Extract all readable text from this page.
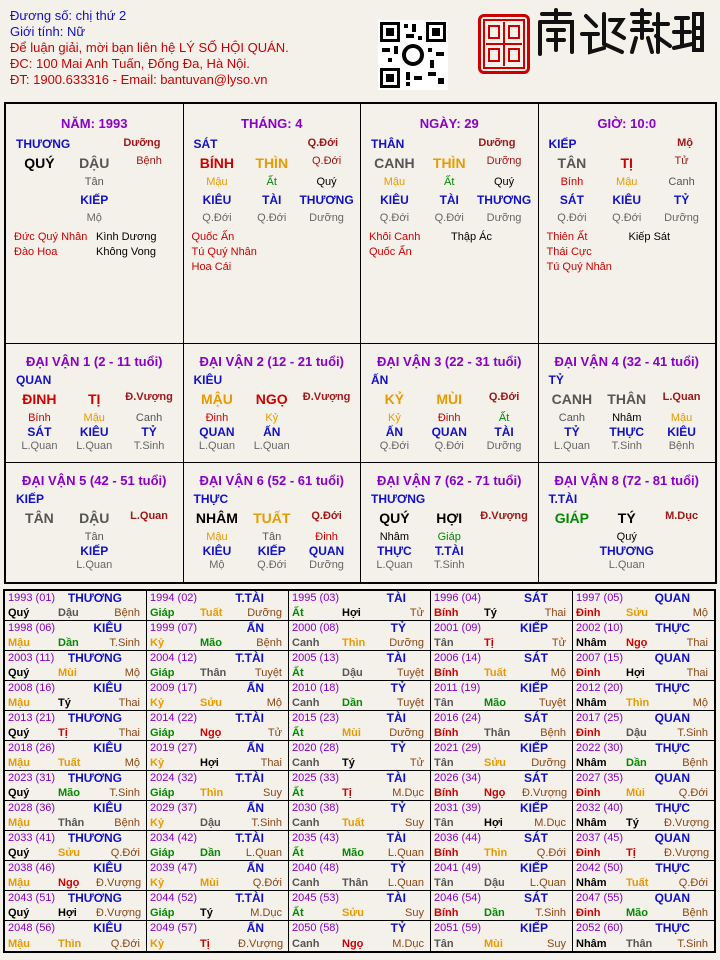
Đương số: chị thứ 2
Giới tính: Nữ
Để luận giải, mời bạn liên hệ LÝ SỐ HỘI QUÁN.
ĐC: 100 Mai Anh Tuấn, Đống Đa, Hà Nội.
ĐT: 1900.633316 - Email: bantuvan@lyso.vn
NĂM: 1993
THƯƠNG	Dưỡng
QUÝ	DẬU	Bệnh
Tân
KIẾP
Mộ
Đức Quý Nhân
Đào Hoa
Kình Dương
Không Vong
THÁNG: 4
SÁT	Q.Đới
BÍNH	THÌN	Q.Đới
Mậu	Ất	Quý
KIÊU	TÀI	THƯƠNG
Q.Đới	Q.Đới	Dưỡng
Quốc Ấn
Tú Quý Nhân
Hoa Cái
NGÀY: 29
THÂN	Dưỡng
CANH	THÌN	Dưỡng
Mậu	Ất	Quý
KIÊU	TÀI	THƯƠNG
Q.Đới	Q.Đới	Dưỡng
Khôi Canh
Quốc Ấn
Thập Ác
GIỜ: 10:0
KIẾP	Mộ
TÂN	TỊ	Tử
Bính	Mậu	Canh
SÁT	KIÊU	TỶ
Q.Đới	Q.Đới	Dưỡng
Thiên Ất
Thái Cực
Tú Quý Nhân
Kiếp Sát
ĐẠI VẬN 1 (2 - 11 tuổi)
QUAN
ĐINH	TỊ	Đ.Vượng
Bính	Mậu	Canh
SÁT	KIÊU	TỶ
L.Quan	L.Quan	T.Sinh
ĐẠI VẬN 2 (12 - 21 tuổi)
KIÊU
MẬU	NGỌ	Đ.Vượng
Đinh	Kỷ
QUAN	ẤN
L.Quan	L.Quan
ĐẠI VẬN 3 (22 - 31 tuổi)
ẤN
KỶ	MÙI	Q.Đới
Kỷ	Đinh	Ất
ẤN	QUAN	TÀI
Q.Đới	Q.Đới	Dưỡng
ĐẠI VẬN 4 (32 - 41 tuổi)
TỶ
CANH	THÂN	L.Quan
Canh	Nhâm	Mậu
TỶ	THỰC	KIÊU
L.Quan	T.Sinh	Bệnh
ĐẠI VẬN 5 (42 - 51 tuổi)
KIẾP
TÂN	DẬU	L.Quan
Tân
KIẾP
L.Quan
ĐẠI VẬN 6 (52 - 61 tuổi)
THỰC
NHÂM	TUẤT	Q.Đới
Mậu	Tân	Đinh
KIÊU	KIẾP	QUAN
Mộ	Q.Đới	Dưỡng
ĐẠI VẬN 7 (62 - 71 tuổi)
THƯƠNG
QUÝ	HỢI	Đ.Vượng
Nhâm	Giáp
THỰC	T.TÀI
L.Quan	T.Sinh
ĐẠI VẬN 8 (72 - 81 tuổi)
T.TÀI
GIÁP	TÝ	M.Dục
Quý
THƯƠNG
L.Quan
1993 (01) THƯƠNG
Quý	Dậu	Bệnh
1994 (02)	T.TÀI
Giáp	Tuất	Dưỡng
1995 (03)	TÀI
Ất	Hợi	Tử
1996 (04)	SÁT
Bính	Tý	Thai
1997 (05)	QUAN
Đinh	Sửu	Mộ
1998 (06)	KIÊU
Mậu	Dần	T.Sinh
1999 (07)	ẤN
Kỷ	Mão	Bệnh
2000 (08)	TỶ
Canh	Thìn	Dưỡng
2001 (09)	KIẾP
Tân	Tị	Tử
2002 (10)	THỰC
Nhâm	Ngọ	Thai
2003 (11) THƯƠNG
Quý	Mùi	Mộ
2004 (12)	T.TÀI
Giáp	Thân	Tuyệt
2005 (13)	TÀI
Ất	Dậu	Tuyệt
2006 (14)	SÁT
Bính	Tuất	Mộ
2007 (15)	QUAN
Đinh	Hợi	Thai
2008 (16)	KIÊU
Mậu	Tý	Thai
2009 (17)	ẤN
Kỷ	Sửu	Mộ
2010 (18)	TỶ
Canh	Dần	Tuyệt
2011 (19)	KIẾP
Tân	Mão	Tuyệt
2012 (20)	THỰC
Nhâm	Thìn	Mộ
2013 (21) THƯƠNG
Quý	Tị	Thai
2014 (22)	T.TÀI
Giáp	Ngọ	Tử
2015 (23)	TÀI
Ất	Mùi	Dưỡng
2016 (24)	SÁT
Bính	Thân	Bệnh
2017 (25)	QUAN
Đinh	Dậu	T.Sinh
2018 (26)	KIÊU
Mậu	Tuất	Mộ
2019 (27)	ẤN
Kỷ	Hợi	Thai
2020 (28)	TỶ
Canh	Tý	Tử
2021 (29)	KIẾP
Tân	Sửu	Dưỡng
2022 (30)	THỰC
Nhâm	Dần	Bệnh
2023 (31) THƯƠNG
Quý	Mão	T.Sinh
2024 (32)	T.TÀI
Giáp	Thìn	Suy
2025 (33)	TÀI
Ất	Tị	M.Dục
2026 (34)	SÁT
Bính	Ngọ	Đ.Vượng
2027 (35)	QUAN
Đinh	Mùi	Q.Đới
2028 (36)	KIÊU
Mậu	Thân	Bệnh
2029 (37)	ẤN
Kỷ	Dậu	T.Sinh
2030 (38)	TỶ
Canh	Tuất	Suy
2031 (39)	KIẾP
Tân	Hợi	M.Dục
2032 (40)	THỰC
Nhâm	Tý	Đ.Vượng
2033 (41) THƯƠNG
Quý	Sửu	Q.Đới
2034 (42)	T.TÀI
Giáp	Dần	L.Quan
2035 (43)	TÀI
Ất	Mão	L.Quan
2036 (44)	SÁT
Bính	Thìn	Q.Đới
2037 (45)	QUAN
Đinh	Tị	Đ.Vượng
2038 (46)	KIÊU
Mậu	Ngọ	Đ.Vượng
2039 (47)	ẤN
Kỷ	Mùi	Q.Đới
2040 (48)	TỶ
Canh	Thân	L.Quan
2041 (49)	KIẾP
Tân	Dậu	L.Quan
2042 (50)	THỰC
Nhâm	Tuất	Q.Đới
2043 (51) THƯƠNG
Quý	Hợi	Đ.Vượng
2044 (52)	T.TÀI
Giáp	Tý	M.Dục
2045 (53)	TÀI
Ất	Sửu	Suy
2046 (54)	SÁT
Bính	Dần	T.Sinh
2047 (55)	QUAN
Đinh	Mão	Bệnh
2048 (56)	KIÊU
Mậu	Thìn	Q.Đới
2049 (57)	ẤN
Kỷ	Tị	Đ.Vượng
2050 (58)	TỶ
Canh	Ngọ	M.Dục
2051 (59)	KIẾP
Tân	Mùi	Suy
2052 (60)	THỰC
Nhâm	Thân	T.Sinh
